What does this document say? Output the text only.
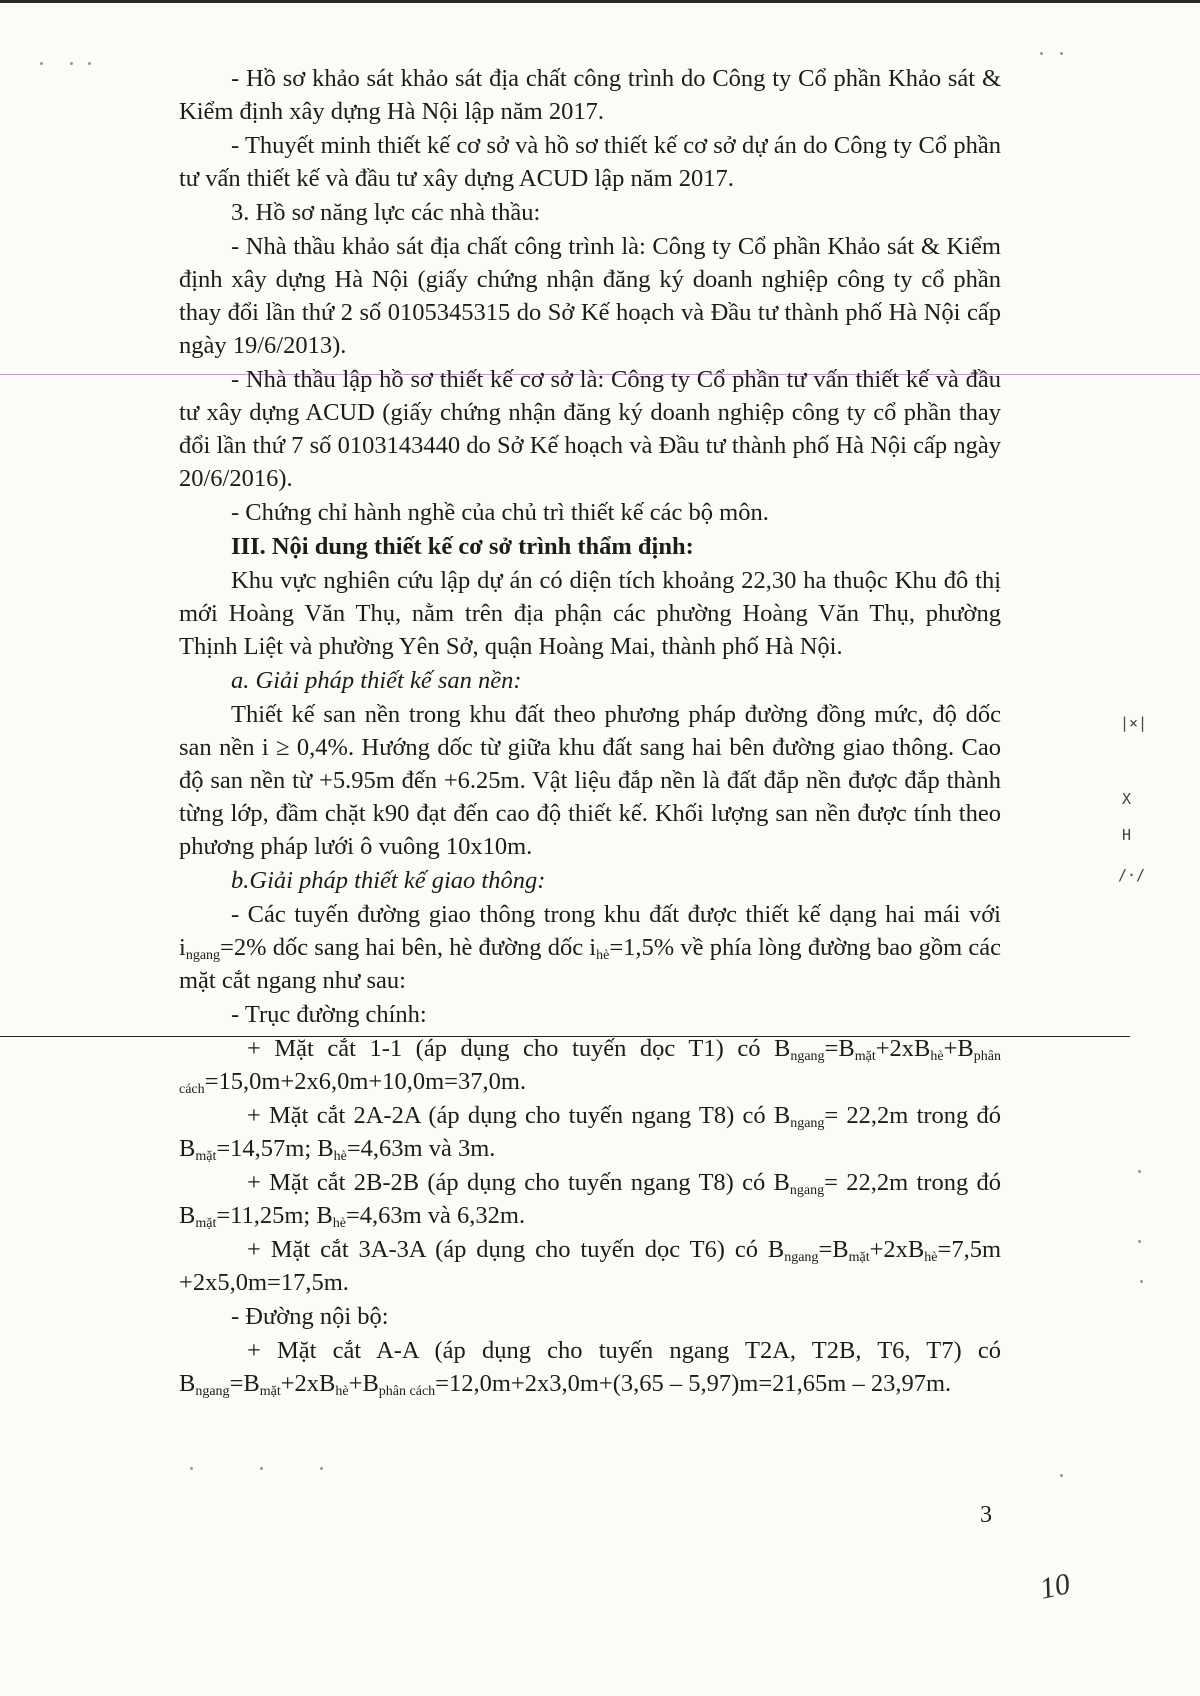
|×|
X
H
/·/

- Hồ sơ khảo sát khảo sát địa chất công trình do Công ty Cổ phần Khảo sát & Kiểm định xây dựng Hà Nội lập năm 2017.

- Thuyết minh thiết kế cơ sở và hồ sơ thiết kế cơ sở dự án do Công ty Cổ phần tư vấn thiết kế và đầu tư xây dựng ACUD lập năm 2017.

3. Hồ sơ năng lực các nhà thầu:

- Nhà thầu khảo sát địa chất công trình là: Công ty Cổ phần Khảo sát & Kiểm định xây dựng Hà Nội (giấy chứng nhận đăng ký doanh nghiệp công ty cổ phần thay đổi lần thứ 2 số 0105345315 do Sở Kế hoạch và Đầu tư thành phố Hà Nội cấp ngày 19/6/2013).

- Nhà thầu lập hồ sơ thiết kế cơ sở là: Công ty Cổ phần tư vấn thiết kế và đầu tư xây dựng ACUD (giấy chứng nhận đăng ký doanh nghiệp công ty cổ phần thay đổi lần thứ 7 số 0103143440 do Sở Kế hoạch và Đầu tư thành phố Hà Nội cấp ngày 20/6/2016).

- Chứng chỉ hành nghề của chủ trì thiết kế các bộ môn.

III. Nội dung thiết kế cơ sở trình thẩm định:

Khu vực nghiên cứu lập dự án có diện tích khoảng 22,30 ha thuộc Khu đô thị mới Hoàng Văn Thụ, nằm trên địa phận các phường Hoàng Văn Thụ, phường Thịnh Liệt và phường Yên Sở, quận Hoàng Mai, thành phố Hà Nội.

a. Giải pháp thiết kế san nền:

Thiết kế san nền trong khu đất theo phương pháp đường đồng mức, độ dốc san nền i ≥ 0,4%. Hướng dốc từ giữa khu đất sang hai bên đường giao thông. Cao độ san nền từ +5.95m đến +6.25m. Vật liệu đắp nền là đất đắp nền được đắp thành từng lớp, đầm chặt k90 đạt đến cao độ thiết kế. Khối lượng san nền được tính theo phương pháp lưới ô vuông 10x10m.

b.Giải pháp thiết kế giao thông:

- Các tuyến đường giao thông trong khu đất được thiết kế dạng hai mái với $i_{ngang}=2\%$ dốc sang hai bên, hè đường dốc $i_{hè}=1,5\%$ về phía lòng đường bao gồm các mặt cắt ngang như sau:

- Trục đường chính:

+ Mặt cắt 1-1 (áp dụng cho tuyến dọc T1) có $B_{ngang}=B_{mặt}+2xB_{hè}+B_{phân cách}=15,0m+2x6,0m+10,0m=37,0m$.

+ Mặt cắt 2A-2A (áp dụng cho tuyến ngang T8) có $B_{ngang}= 22,2m$ trong đó $B_{mặt}=14,57m$; $B_{hè}=4,63m$ và 3m.

+ Mặt cắt 2B-2B (áp dụng cho tuyến ngang T8) có $B_{ngang}= 22,2m$ trong đó $B_{mặt}=11,25m$; $B_{hè}=4,63m$ và 6,32m.

+ Mặt cắt 3A-3A (áp dụng cho tuyến dọc T6) có $B_{ngang}=B_{mặt}+2xB_{hè}=7,5m +2x5,0m=17,5m$.

- Đường nội bộ:

+ Mặt cắt A-A (áp dụng cho tuyến ngang T2A, T2B, T6, T7) có $B_{ngang}=B_{mặt}+2xB_{hè}+B_{phân cách}=12,0m+2x3,0m+(3,65 - 5,97)m=21,65m - 23,97m$.

3
10
